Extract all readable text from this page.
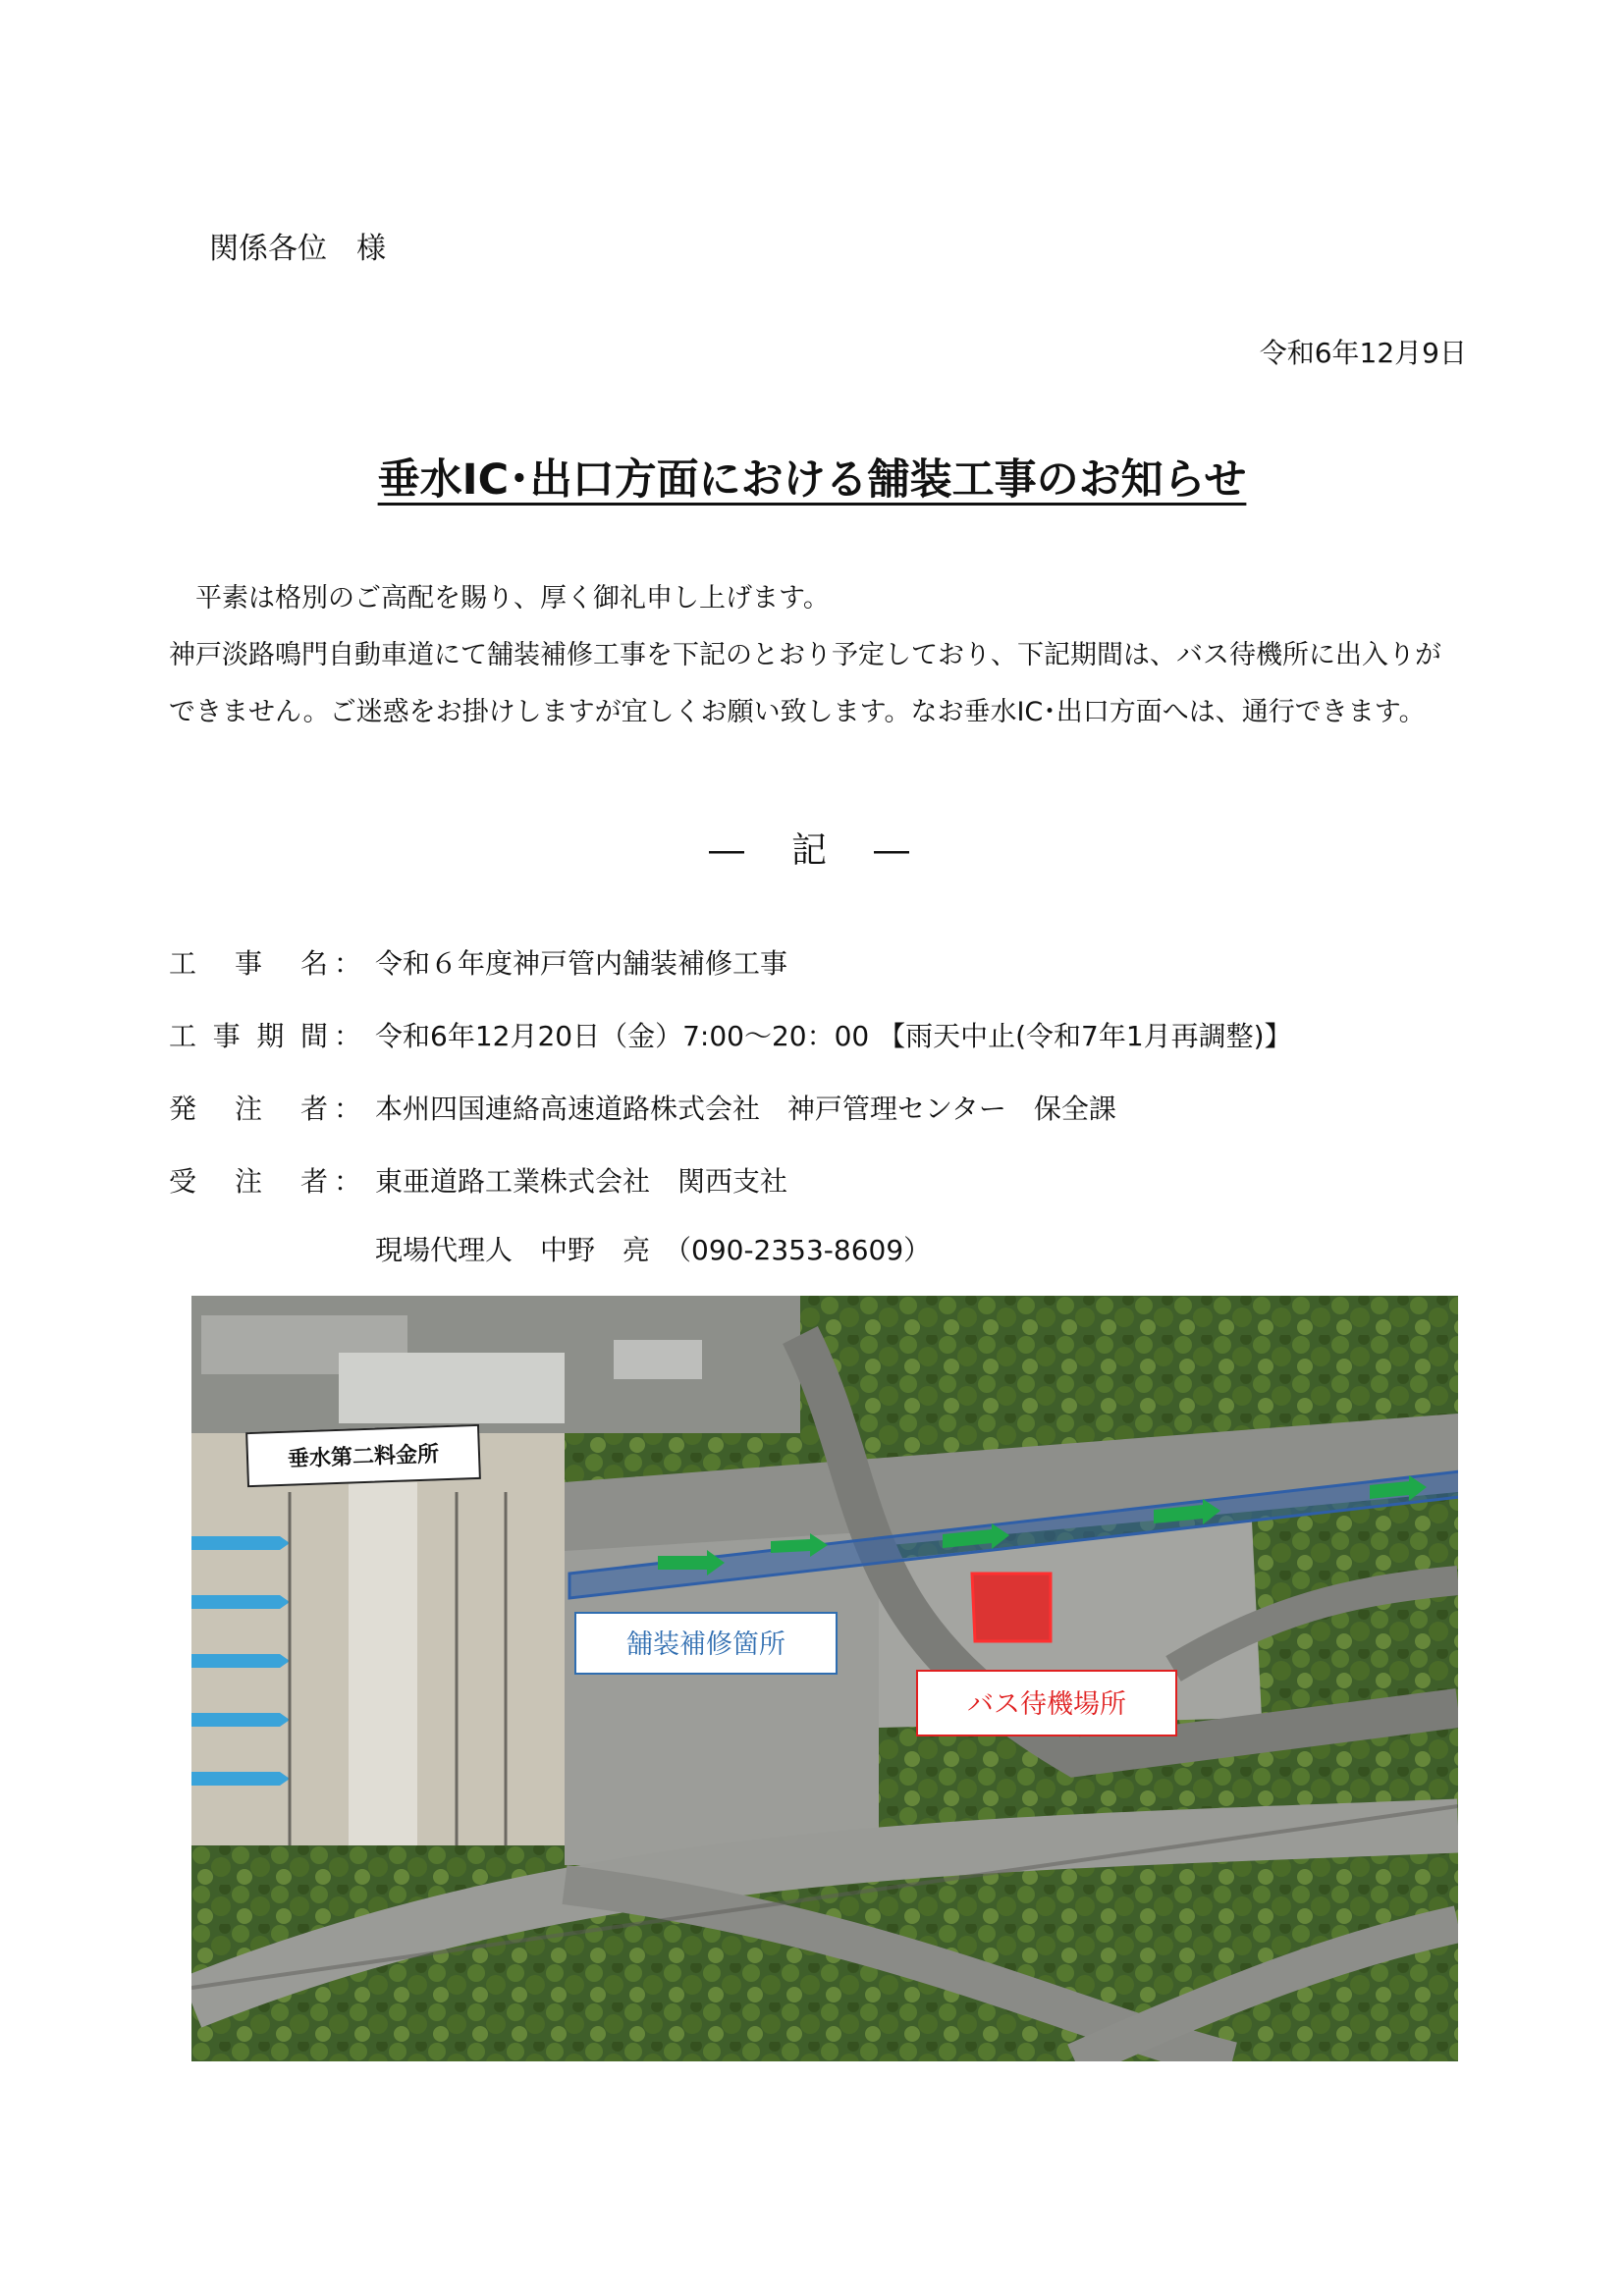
関係各位　様
令和6年12月9日
垂水IC･出口方面における舗装工事のお知らせ
　平素は格別のご高配を賜り、厚く御礼申し上げます。
神戸淡路鳴門自動車道にて舗装補修工事を下記のとおり予定しており、下記期間は、バス待機所に出入りが
できません。ご迷惑をお掛けしますが宜しくお願い致します。なお垂水IC･出口方面へは、通行できます。
―　記　―
工事名 ： 令和６年度神戸管内舗装補修工事
工事期間 ： 令和6年12月20日（金）7:00～20：00 【雨天中止(令和7年1月再調整)】
発注者 ： 本州四国連絡高速道路株式会社　神戸管理センター　保全課
受注者 ： 東亜道路工業株式会社　関西支社
現場代理人　中野　亮　（090-2353-8609）
垂水第二料金所
舗装補修箇所
バス待機場所
